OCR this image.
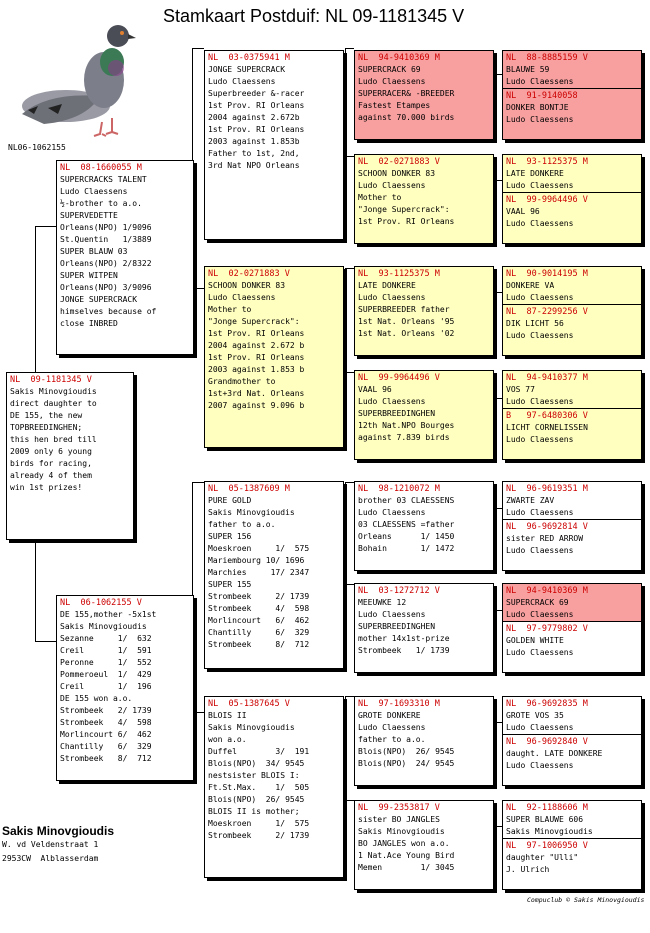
Stamkaart Postduif: NL 09-1181345 V
NL06-1062155
NL  09-1181345 V
Sakis Minovgioudis
direct daughter to
DE 155, the new
TOPBREEDINGHEN;
this hen bred till
2009 only 6 young
birds for racing,
already 4 of them
win 1st prizes!
NL  08-1660055 M
SUPERCRACKS TALENT
Ludo Claessens
½-brother to a.o.
SUPERVEDETTE
Orleans(NPO) 1/9096
St.Quentin   1/3889
SUPER BLAUW 03
Orleans(NPO) 2/8322
SUPER WITPEN
Orleans(NPO) 3/9096
JONGE SUPERCRACK
himselves because of
close INBRED
NL  06-1062155 V
DE 155,mother -5x1st
Sakis Minovgioudis
Sezanne     1/  632
Creil       1/  591
Peronne     1/  552
Pommeroeul  1/  429
Creil       1/  196
DE 155 won a.o.
Strombeek   2/ 1739
Strombeek   4/  598
Morlincourt 6/  462
Chantilly   6/  329
Strombeek   8/  712
NL  03-0375941 M
JONGE SUPERCRACK
Ludo Claessens
Superbreeder &-racer
1st Prov. RI Orleans
2004 against 2.672b
1st Prov. RI Orleans
2003 against 1.853b
Father to 1st, 2nd,
3rd Nat NPO Orleans
NL  02-0271883 V
SCHOON DONKER 83
Ludo Claessens
Mother to
"Jonge Supercrack":
1st Prov. RI Orleans
2004 against 2.672 b
1st Prov. RI Orleans
2003 against 1.853 b
Grandmother to
1st+3rd Nat. Orleans
2007 against 9.096 b
NL  05-1387609 M
PURE GOLD
Sakis Minovgioudis
father to a.o.
SUPER 156
Moeskroen     1/  575
Mariembourg 10/ 1696
Marchies     17/ 2347
SUPER 155
Strombeek     2/ 1739
Strombeek     4/  598
Morlincourt   6/  462
Chantilly     6/  329
Strombeek     8/  712
NL  05-1387645 V
BLOIS II
Sakis Minovgioudis
won a.o.
Duffel        3/  191
Blois(NPO)  34/ 9545
nestsister BLOIS I:
Ft.St.Max.    1/  505
Blois(NPO)  26/ 9545
BLOIS II is mother;
Moeskroen     1/  575
Strombeek     2/ 1739
NL  94-9410369 M
SUPERCRACK 69
Ludo Claessens
SUPERRACER& -BREEDER
Fastest Etampes
against 70.000 birds
NL  02-0271883 V
SCHOON DONKER 83
Ludo Claessens
Mother to
"Jonge Supercrack":
1st Prov. RI Orleans
NL  93-1125375 M
LATE DONKERE
Ludo Claessens
SUPERBREEDER father
1st Nat. Orleans '95
1st Nat. Orleans '02
NL  99-9964496 V
VAAL 96
Ludo Claessens
SUPERBREEDINGHEN
12th Nat.NPO Bourges
against 7.839 birds
NL  98-1210072 M
brother 03 CLAESSENS
Ludo Claessens
03 CLAESSENS =father
Orleans      1/ 1450
Bohain       1/ 1472
NL  03-1272712 V
MEEUWKE 12
Ludo Claessens
SUPERBREEDINGHEN
mother 14x1st-prize
Strombeek   1/ 1739
NL  97-1693310 M
GROTE DONKERE
Ludo Claessens
father to a.o.
Blois(NPO)  26/ 9545
Blois(NPO)  24/ 9545
NL  99-2353817 V
sister BO JANGLES
Sakis Minovgioudis
BO JANGLES won a.o.
1 Nat.Ace Young Bird
Memen        1/ 3045
NL  88-8885159 V
BLAUWE 59
Ludo Claessens
NL  91-9140058
DONKER BONTJE
Ludo Claessens
NL  93-1125375 M
LATE DONKERE
Ludo Claessens
NL  99-9964496 V
VAAL 96
Ludo Claessens
NL  90-9014195 M
DONKERE VA
Ludo Claessens
NL  87-2299256 V
DIK LICHT 56
Ludo Claessens
NL  94-9410377 M
VOS 77
Ludo Claessens
B   97-6480306 V
LICHT CORNELISSEN
Ludo Claessens
NL  96-9619351 M
ZWARTE ZAV
Ludo Claessens
NL  96-9692814 V
sister RED ARROW
Ludo Claessens
NL  94-9410369 M
SUPERCRACK 69
Ludo Claessens
NL  97-9779802 V
GOLDEN WHITE
Ludo Claessens
NL  96-9692835 M
GROTE VOS 35
Ludo Claessens
NL  96-9692840 V
daught. LATE DONKERE
Ludo Claessens
NL  92-1188606 M
SUPER BLAUWE 606
Sakis Minovgioudis
NL  97-1006950 V
daughter "Ulli"
J. Ulrich
Sakis Minovgioudis
W. vd Veldenstraat 1
2953CW  Alblasserdam
Compuclub © Sakis Minovgioudis
